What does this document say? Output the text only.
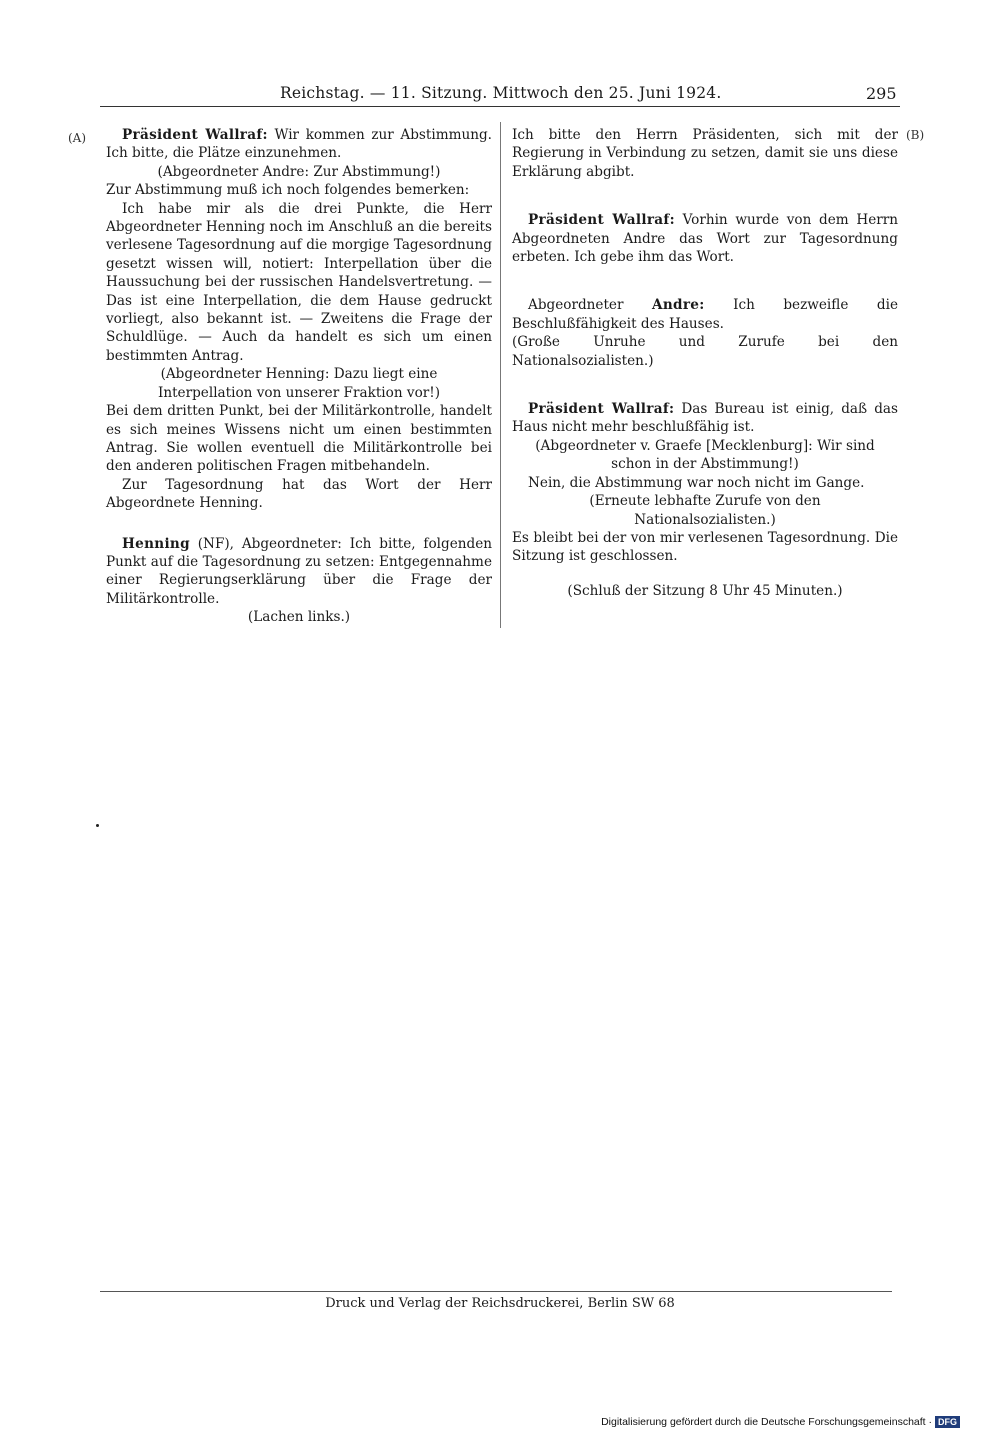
Reichstag. — 11. Sitzung. Mittwoch den 25. Juni 1924.	295
(A)	(B)

Präsident Wallraf: Wir kommen zur Abstimmung. Ich bitte, die Plätze einzunehmen.

(Abgeordneter Andre: Zur Abstimmung!)

Zur Abstimmung muß ich noch folgendes bemerken:

Ich habe mir als die drei Punkte, die Herr Abgeordneter Henning noch im Anschluß an die bereits verlesene Tagesordnung auf die morgige Tagesordnung gesetzt wissen will, notiert: Interpellation über die Haussuchung bei der russischen Handelsvertretung. — Das ist eine Interpellation, die dem Hause gedruckt vorliegt, also bekannt ist. — Zweitens die Frage der Schuldlüge. — Auch da handelt es sich um einen bestimmten Antrag.

(Abgeordneter Henning: Dazu liegt eine Interpellation von unserer Fraktion vor!)

Bei dem dritten Punkt, bei der Militärkontrolle, handelt es sich meines Wissens nicht um einen bestimmten Antrag. Sie wollen eventuell die Militärkontrolle bei den anderen politischen Fragen mitbehandeln.

Zur Tagesordnung hat das Wort der Herr Abgeordnete Henning.

Henning (NF), Abgeordneter: Ich bitte, folgenden Punkt auf die Tagesordnung zu setzen: Entgegennahme einer Regierungserklärung über die Frage der Militärkontrolle.

(Lachen links.)

Ich bitte den Herrn Präsidenten, sich mit der Regierung in Verbindung zu setzen, damit sie uns diese Erklärung abgibt.

Präsident Wallraf: Vorhin wurde von dem Herrn Abgeordneten Andre das Wort zur Tagesordnung erbeten. Ich gebe ihm das Wort.

Abgeordneter Andre: Ich bezweifle die Beschlußfähigkeit des Hauses.

(Große Unruhe und Zurufe bei den Nationalsozialisten.)

Präsident Wallraf: Das Bureau ist einig, daß das Haus nicht mehr beschlußfähig ist.

(Abgeordneter v. Graefe [Mecklenburg]: Wir sind schon in der Abstimmung!)

Nein, die Abstimmung war noch nicht im Gange.

(Erneute lebhafte Zurufe von den Nationalsozialisten.)

Es bleibt bei der von mir verlesenen Tagesordnung. Die Sitzung ist geschlossen.

(Schluß der Sitzung 8 Uhr 45 Minuten.)

Druck und Verlag der Reichsdruckerei, Berlin SW 68
Digitalisierung gefördert durch die Deutsche Forschungsgemeinschaft · DFG
